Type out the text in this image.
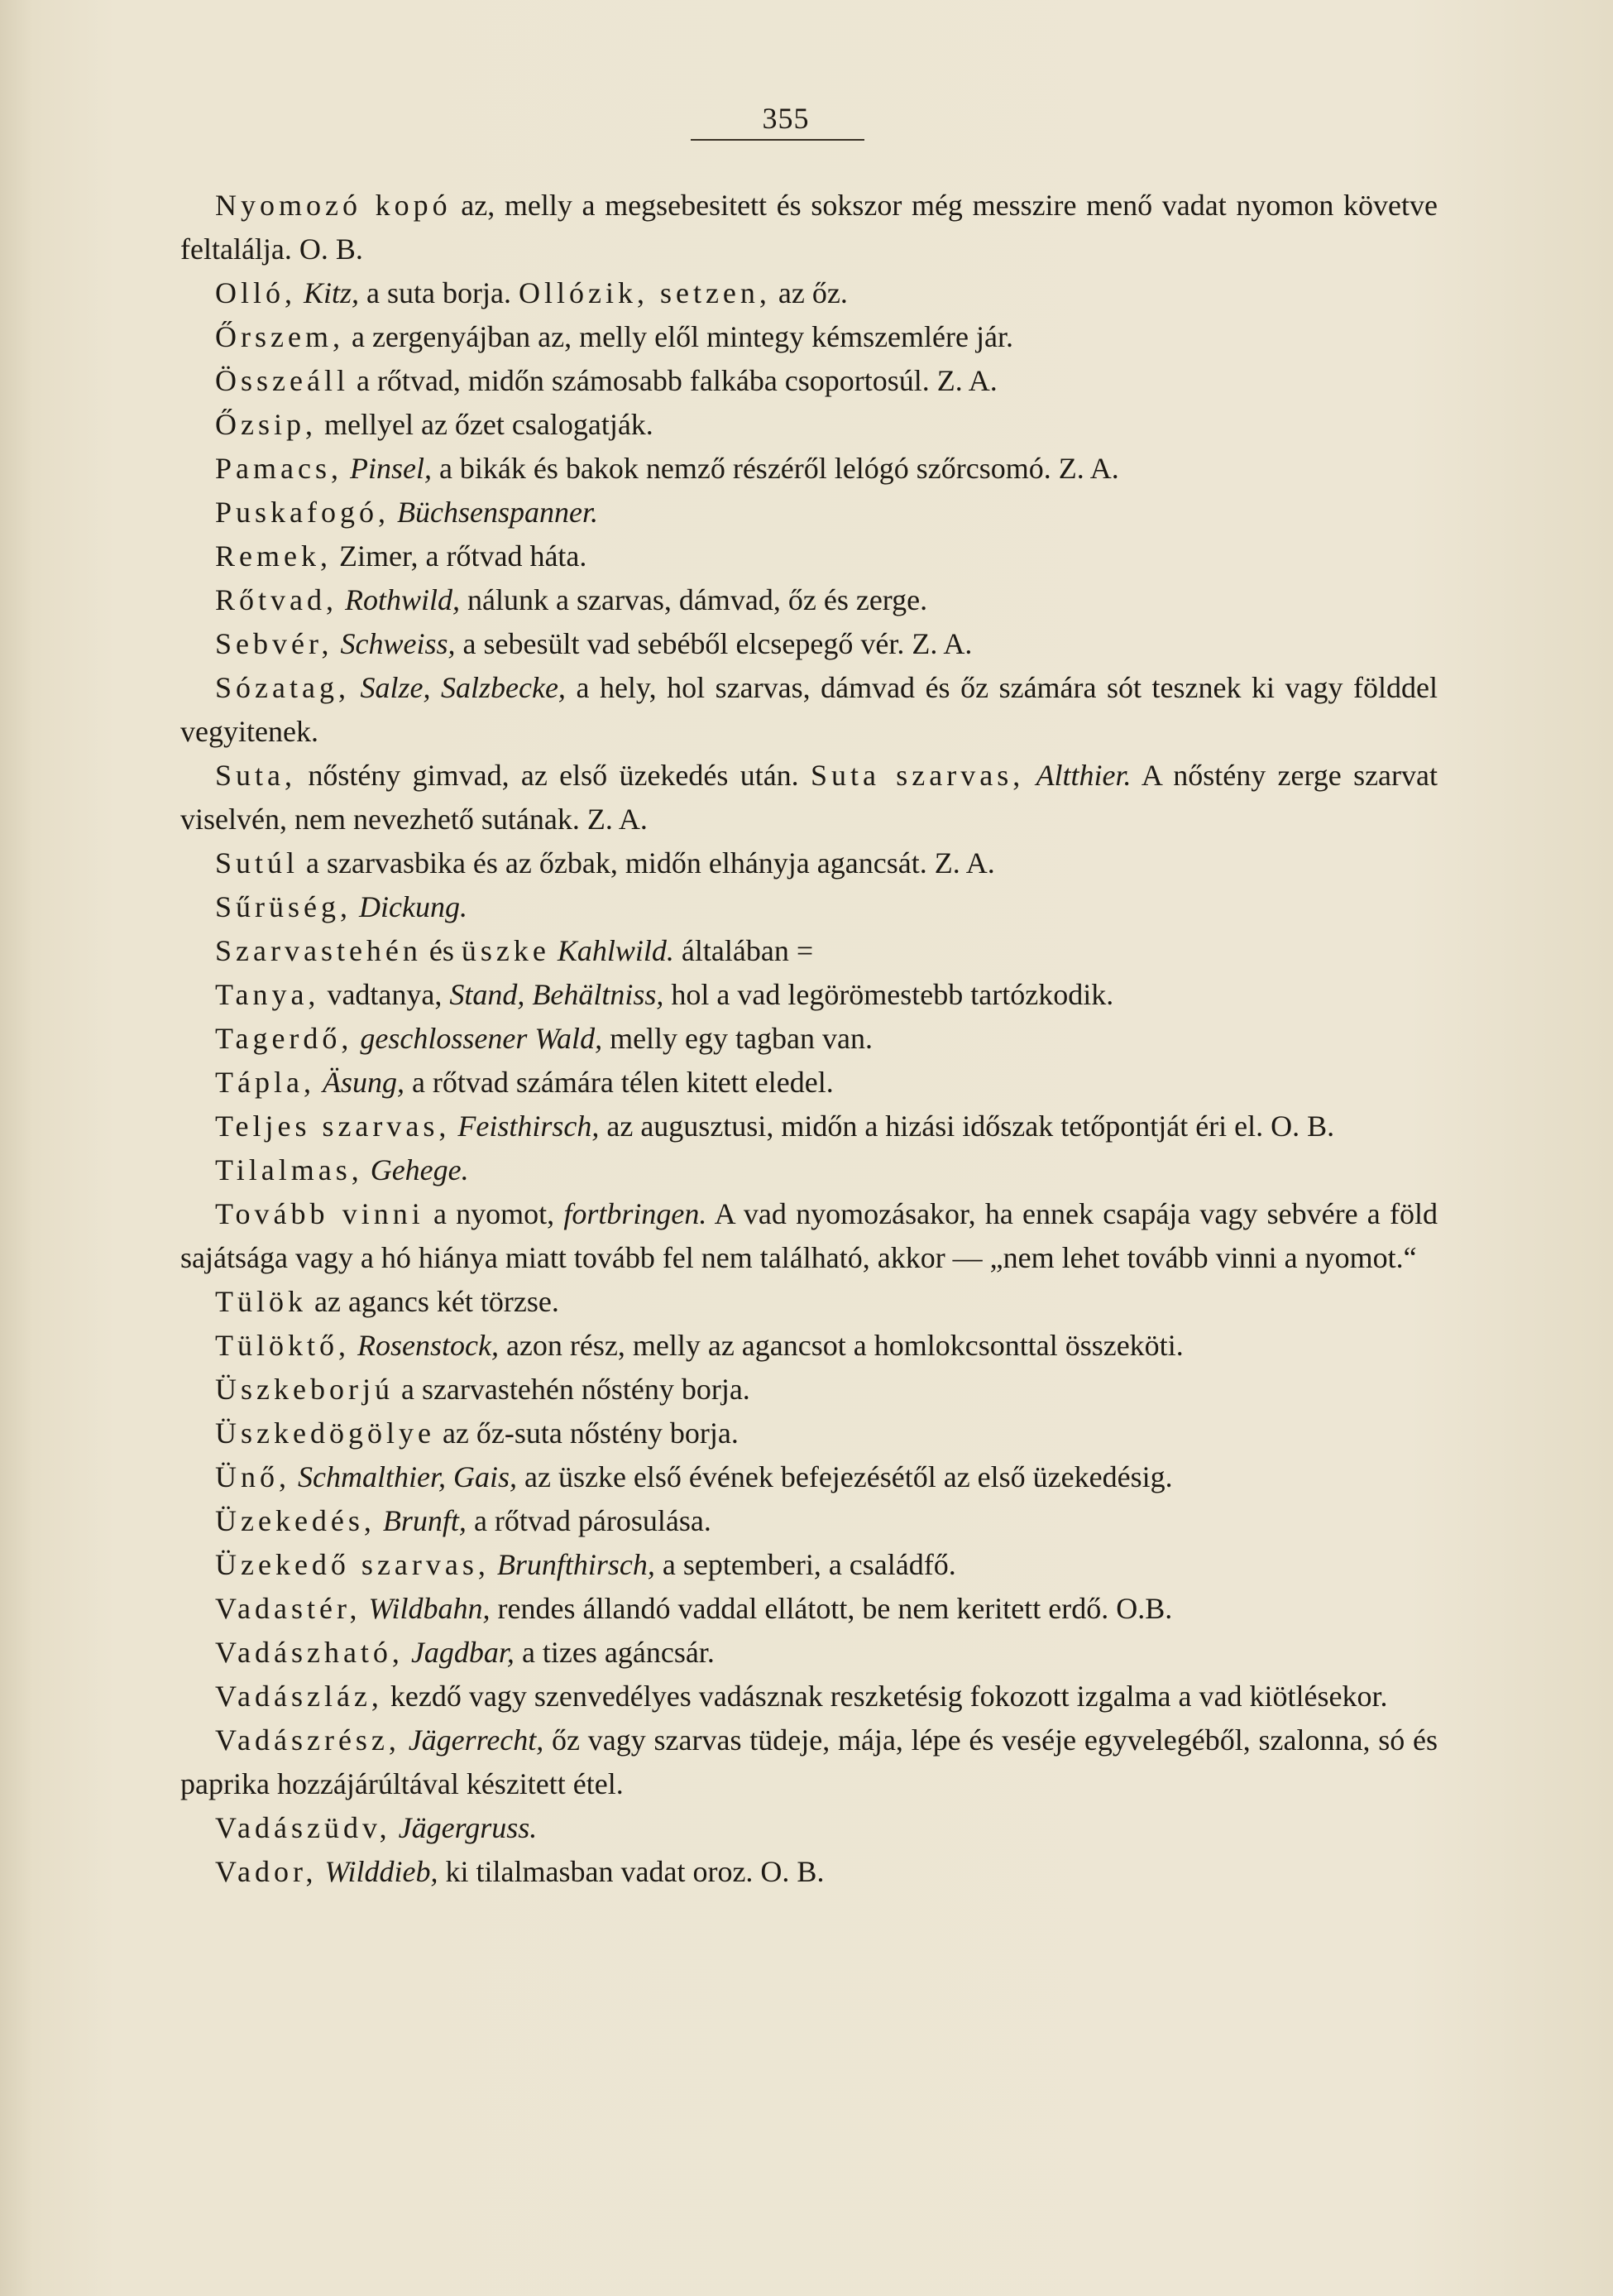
355
Nyomozó kopó az, melly a megsebesitett és sokszor még messzire menő vadat nyomon követve feltalálja. O. B.
Olló, Kitz, a suta borja. Ollózik, setzen, az őz.
Őrszem, a zergenyájban az, melly elől mintegy kémszemlére jár.
Összeáll a rőtvad, midőn számosabb falkába csoportosúl. Z. A.
Őzsip, mellyel az őzet csalogatják.
Pamacs, Pinsel, a bikák és bakok nemző részéről lelógó szőrcsomó. Z. A.
Puskafogó, Büchsenspanner.
Remek, Zimer, a rőtvad háta.
Rőtvad, Rothwild, nálunk a szarvas, dámvad, őz és zerge.
Sebvér, Schweiss, a sebesült vad sebéből elcsepegő vér. Z. A.
Sózatag, Salze, Salzbecke, a hely, hol szarvas, dámvad és őz számára sót tesznek ki vagy földdel vegyitenek.
Suta, nőstény gimvad, az első üzekedés után. Suta szarvas, Altthier. A nőstény zerge szarvat viselvén, nem nevezhető sutának. Z. A.
Sutúl a szarvasbika és az őzbak, midőn elhányja agancsát. Z. A.
Sűrüség, Dickung.
Szarvastehén és üszke Kahlwild. általában =
Tanya, vadtanya, Stand, Behältniss, hol a vad legörömestebb tartózkodik.
Tagerdő, geschlossener Wald, melly egy tagban van.
Tápla, Äsung, a rőtvad számára télen kitett eledel.
Teljes szarvas, Feisthirsch, az augusztusi, midőn a hizási időszak tetőpontját éri el. O. B.
Tilalmas, Gehege.
Tovább vinni a nyomot, fortbringen. A vad nyomozásakor, ha ennek csapája vagy sebvére a föld sajátsága vagy a hó hiánya miatt tovább fel nem található, akkor — „nem lehet tovább vinni a nyomot.“
Tülök az agancs két törzse.
Tülöktő, Rosenstock, azon rész, melly az agancsot a homlokcsonttal összeköti.
Üszkeborjú a szarvastehén nőstény borja.
Üszkedögölye az őz-suta nőstény borja.
Ünő, Schmalthier, Gais, az üszke első évének befejezésétől az első üzekedésig.
Üzekedés, Brunft, a rőtvad párosulása.
Üzekedő szarvas, Brunfthirsch, a septemberi, a családfő.
Vadastér, Wildbahn, rendes állandó vaddal ellátott, be nem keritett erdő. O.B.
Vadászható, Jagdbar, a tizes agáncsár.
Vadászláz, kezdő vagy szenvedélyes vadásznak reszketésig fokozott izgalma a vad kiötlésekor.
Vadászrész, Jägerrecht, őz vagy szarvas tüdeje, mája, lépe és veséje egyvelegéből, szalonna, só és paprika hozzájárúltával készitett étel.
Vadászüdv, Jägergruss.
Vador, Wilddieb, ki tilalmasban vadat oroz. O. B.
